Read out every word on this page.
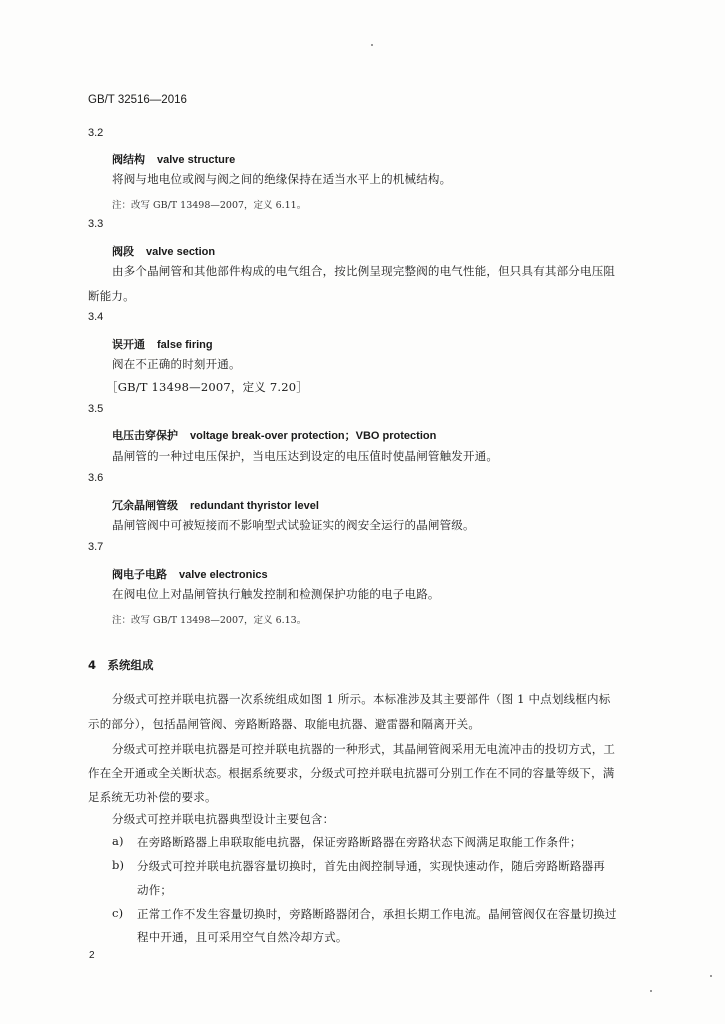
GB/T 32516—2016
3.2
阀结构 valve structure
将阀与地电位或阀与阀之间的绝缘保持在适当水平上的机械结构。
注：改写 GB/T 13498—2007，定义 6.11。
3.3
阀段 valve section
由多个晶闸管和其他部件构成的电气组合，按比例呈现完整阀的电气性能，但只具有其部分电压阻
断能力。
3.4
误开通 false firing
阀在不正确的时刻开通。
［GB/T 13498—2007，定义 7.20］
3.5
电压击穿保护 voltage break-over protection；VBO protection
晶闸管的一种过电压保护，当电压达到设定的电压值时使晶闸管触发开通。
3.6
冗余晶闸管级 redundant thyristor level
晶闸管阀中可被短接而不影响型式试验证实的阀安全运行的晶闸管级。
3.7
阀电子电路 valve electronics
在阀电位上对晶闸管执行触发控制和检测保护功能的电子电路。
注：改写 GB/T 13498—2007，定义 6.13。
4　系统组成
分级式可控并联电抗器一次系统组成如图 1 所示。本标准涉及其主要部件（图 1 中点划线框内标
示的部分），包括晶闸管阀、旁路断路器、取能电抗器、避雷器和隔离开关。
分级式可控并联电抗器是可控并联电抗器的一种形式，其晶闸管阀采用无电流冲击的投切方式，工
作在全开通或全关断状态。根据系统要求，分级式可控并联电抗器可分别工作在不同的容量等级下，满
足系统无功补偿的要求。
分级式可控并联电抗器典型设计主要包含：
a) 在旁路断路器上串联取能电抗器，保证旁路断路器在旁路状态下阀满足取能工作条件；
b) 分级式可控并联电抗器容量切换时，首先由阀控制导通，实现快速动作，随后旁路断路器再
动作；
c) 正常工作不发生容量切换时，旁路断路器闭合，承担长期工作电流。晶闸管阀仅在容量切换过
程中开通，且可采用空气自然冷却方式。
2
